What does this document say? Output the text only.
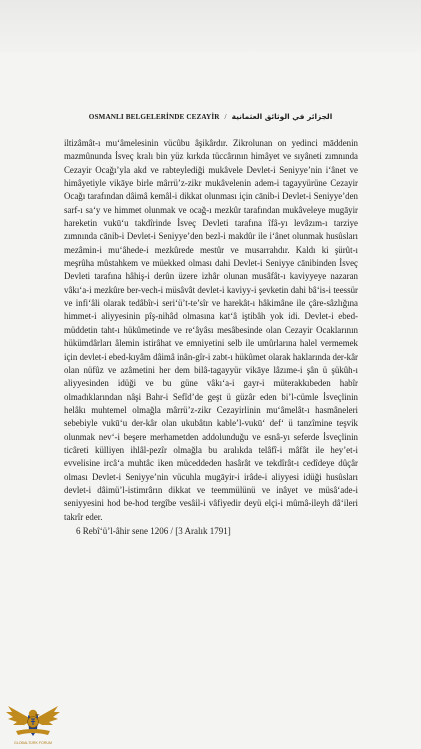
OSMANLI BELGELERİNDE CEZAYİR / الجزائر في الوثائق العثمانية

iltizâmât-ı mu‘âmelesinin vücûbu âşikârdır. Zikrolunan on yedinci māddenin mazmûnunda İsveç kralı bin yüz kırkda tüccârının himâyet ve sıyâneti zımnında Cezayir Ocağı’yla akd ve rabteylediği mukâvele Devlet-i Seniyye’nin i‘ânet ve himâyetiyle vikāye birle mârrü’z-zikr mukâvelenin adem-i tagayyürüne Cezayir Ocağı tarafından dâimâ kemâl-i dikkat olunması için cānib-i Devlet-i Seniyye’den sarf-ı sa‘y ve himmet olunmak ve ocağ-ı mezkûr tarafından mukâveleye mugāyir hareketin vukū‘u takdîrinde İsveç Devleti tarafına îfâ-yı levâzım-ı tarziye zımnında cānib-i Devlet-i Seniyye’den bezl-i makdûr ile i‘ânet olunmak husûsları mezâmin-i mu‘âhede-i mezkûrede mestûr ve musarrahdır. Kaldı ki şürût-ı meşrûha mûstahkem ve müekked olması dahi Devlet-i Seniyye cānibinden İsveç Devleti tarafına hâhiş-i derûn üzere izhâr olunan musâfât-ı kaviyyeye nazaran vâkı‘a-i mezkûre ber-vech-i müsâvât devlet-i kaviyy-i şevketin dahi bâ‘is-i teessür ve infi‘âli olarak tedâbîr-i seri‘ü’t-te’sîr ve harekât-ı hâkimâne ile çâre-sâzlığına himmet-i aliyyesinin pîş-nihâd olmasına kat‘â iştibâh yok idi. Devlet-i ebed-müddetin taht-ı hükûmetinde ve re‘âyâsı mesâbesinde olan Cezayir Ocaklarının hükümdârları âlemin istirâhat ve emniyetini selb ile umûrlarına halel vermemek için devlet-i ebed-kıyâm dâimâ inân-gîr-i zabt-ı hükûmet olarak haklarında der-kâr olan nüfûz ve azâmetini her dem bilâ-tagayyür vikāye lâzıme-i şân ü şükûh-ı aliyyesinden idüği ve bu güne vâkı‘a-i gayr-i müterakkıbeden habîr olmadıklarından nâşi Bahr-i Sefîd’de geşt ü güzâr eden bi’l-cümle İsveçlinin helâkı muhtemel olmağla mârrü’z-zikr Cezayirlinin mu‘âmelât-ı hasmâneleri sebebiyle vukū‘u der-kâr olan ukubâtın kable’l-vukū‘ def‘ ü tanzîmine teşvik olunmak nev‘-i beşere merhametden addolunduğu ve esnâ-yı seferde İsveçlinin ticâreti külliyen ihlâl-pezîr olmağla bu aralıkda telâfî-i mâfât ile hey’et-i evvelisine ircâ‘a muhtâc iken müceddeden hasârât ve tekdîrât-ı cedîdeye dûçâr olması Devlet-i Seniyye’nin vücuhla mugāyir-i irâde-i aliyyesi idüği husûsları devlet-i dâimü’l-istimrârın dikkat ve teemmülünü ve inâyet ve müsâ‘ade-i seniyyesini hod be-hod tergîbe vesâil-i vâfiyedir deyü elçi-i mûmâ-ileyh dâ‘ileri takrîr eder.

6 Rebî‘ü’l-âhir sene 1206 / [3 Aralık 1791]
GLOBALTÜRK FORUM
